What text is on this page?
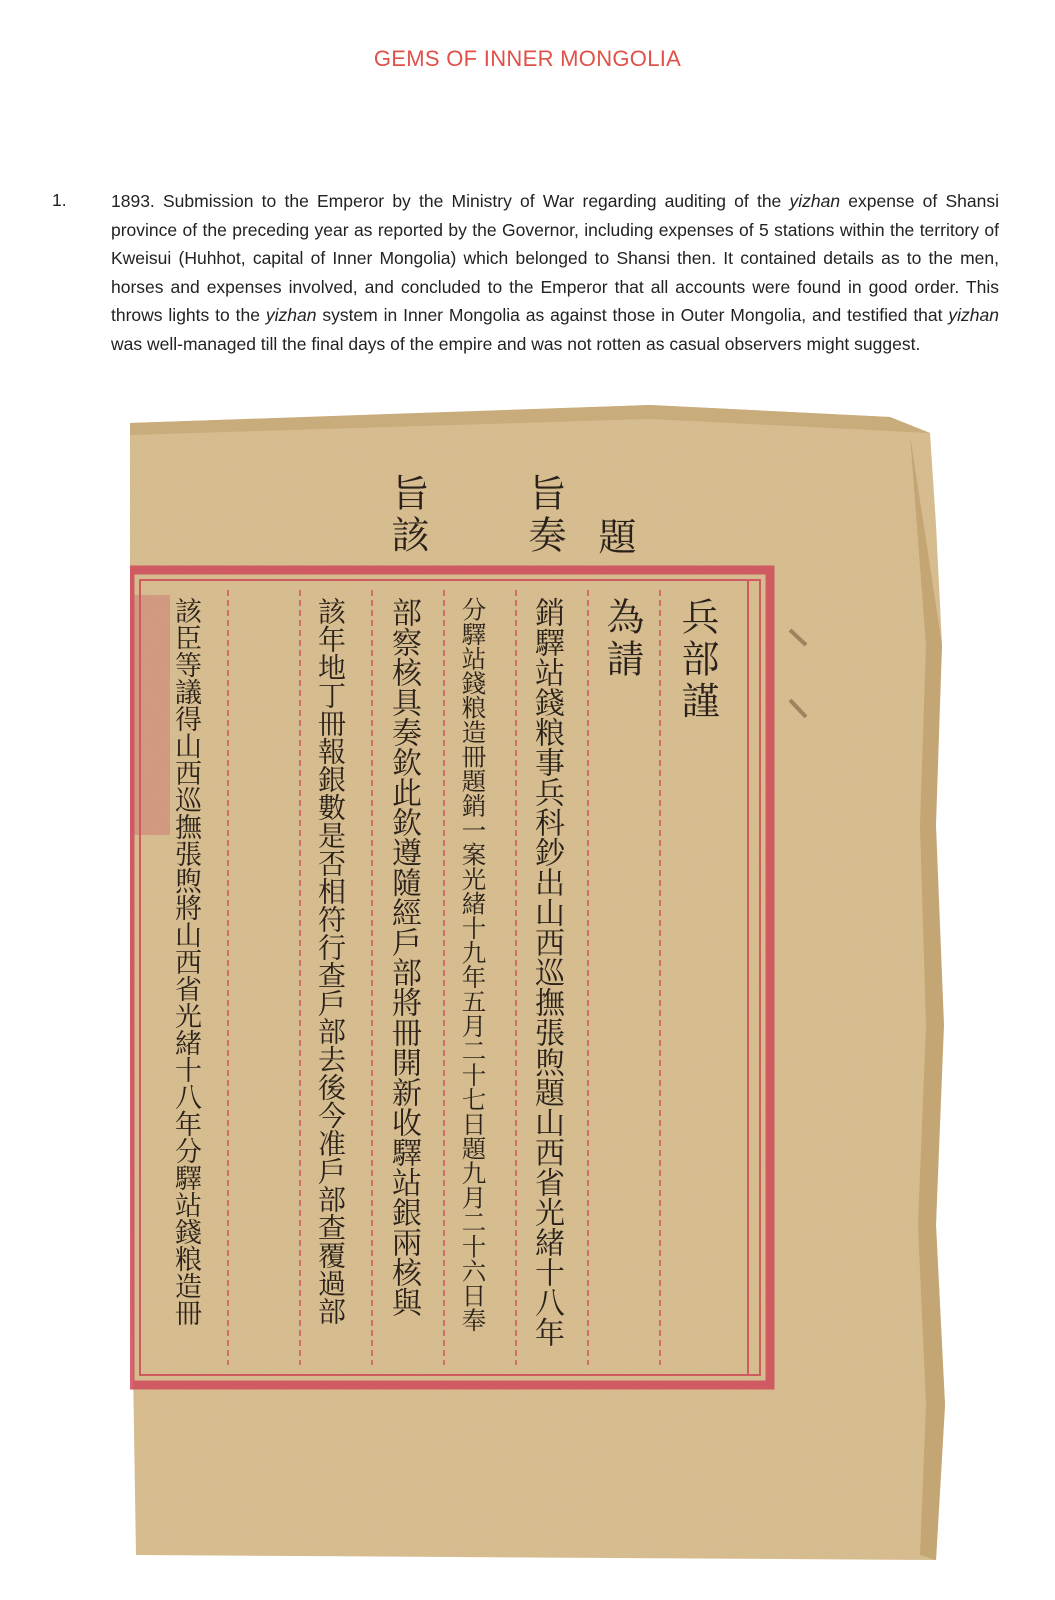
GEMS OF INNER MONGOLIA
1.	1893. Submission to the Emperor by the Ministry of War regarding auditing of the yizhan expense of Shansi province of the preceding year as reported by the Governor, including expenses of 5 stations within the territory of Kweisui (Huhhot, capital of Inner Mongolia) which belonged to Shansi then. It contained details as to the men, horses and expenses involved, and concluded to the Emperor that all accounts were found in good order. This throws lights to the yizhan system in Inner Mongolia as against those in Outer Mongolia, and testified that yizhan was well-managed till the final days of the empire and was not rotten as casual observers might suggest.

旨該 旨奏 題
兵部謹
為請
銷驛站錢粮事兵科鈔出山西巡撫張煦題山西省光緒十八年
分驛站錢粮造冊題銷一案光緒十九年五月二十七日題九月二十六日奉
部察核具奏欽此欽遵隨經戶部將冊開新收驛站銀兩核與
該年地丁冊報銀數是否相符行查戶部去後今准戶部查覆過部
該臣等議得山西巡撫張煦將山西省光緒十八年分驛站錢粮造冊
